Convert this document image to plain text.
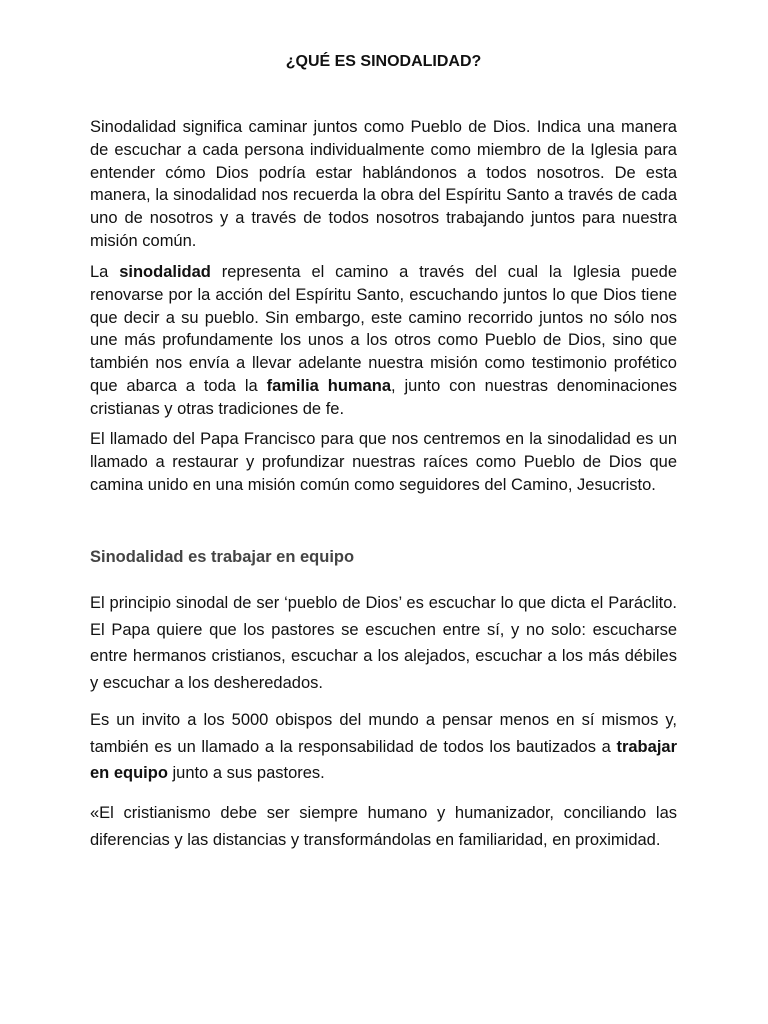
¿QUÉ ES SINODALIDAD?

Sinodalidad significa caminar juntos como Pueblo de Dios. Indica una manera de escuchar a cada persona individualmente como miembro de la Iglesia para entender cómo Dios podría estar hablándonos a todos nosotros. De esta manera, la sinodalidad nos recuerda la obra del Espíritu Santo a través de cada uno de nosotros y a través de todos nosotros trabajando juntos para nuestra misión común.

La sinodalidad representa el camino a través del cual la Iglesia puede renovarse por la acción del Espíritu Santo, escuchando juntos lo que Dios tiene que decir a su pueblo. Sin embargo, este camino recorrido juntos no sólo nos une más profundamente los unos a los otros como Pueblo de Dios, sino que también nos envía a llevar adelante nuestra misión como testimonio profético que abarca a toda la familia humana, junto con nuestras denominaciones cristianas y otras tradiciones de fe.

El llamado del Papa Francisco para que nos centremos en la sinodalidad es un llamado a restaurar y profundizar nuestras raíces como Pueblo de Dios que camina unido en una misión común como seguidores del Camino, Jesucristo.

Sinodalidad es trabajar en equipo

El principio sinodal de ser ‘pueblo de Dios’ es escuchar lo que dicta el Paráclito. El Papa quiere que los pastores se escuchen entre sí, y no solo: escucharse entre hermanos cristianos, escuchar a los alejados, escuchar a los más débiles y escuchar a los desheredados.

Es un invito a los 5000 obispos del mundo a pensar menos en sí mismos y, también es un llamado a la responsabilidad de todos los bautizados a trabajar en equipo junto a sus pastores.

«El cristianismo debe ser siempre humano y humanizador, conciliando las diferencias y las distancias y transformándolas en familiaridad, en proximidad.
